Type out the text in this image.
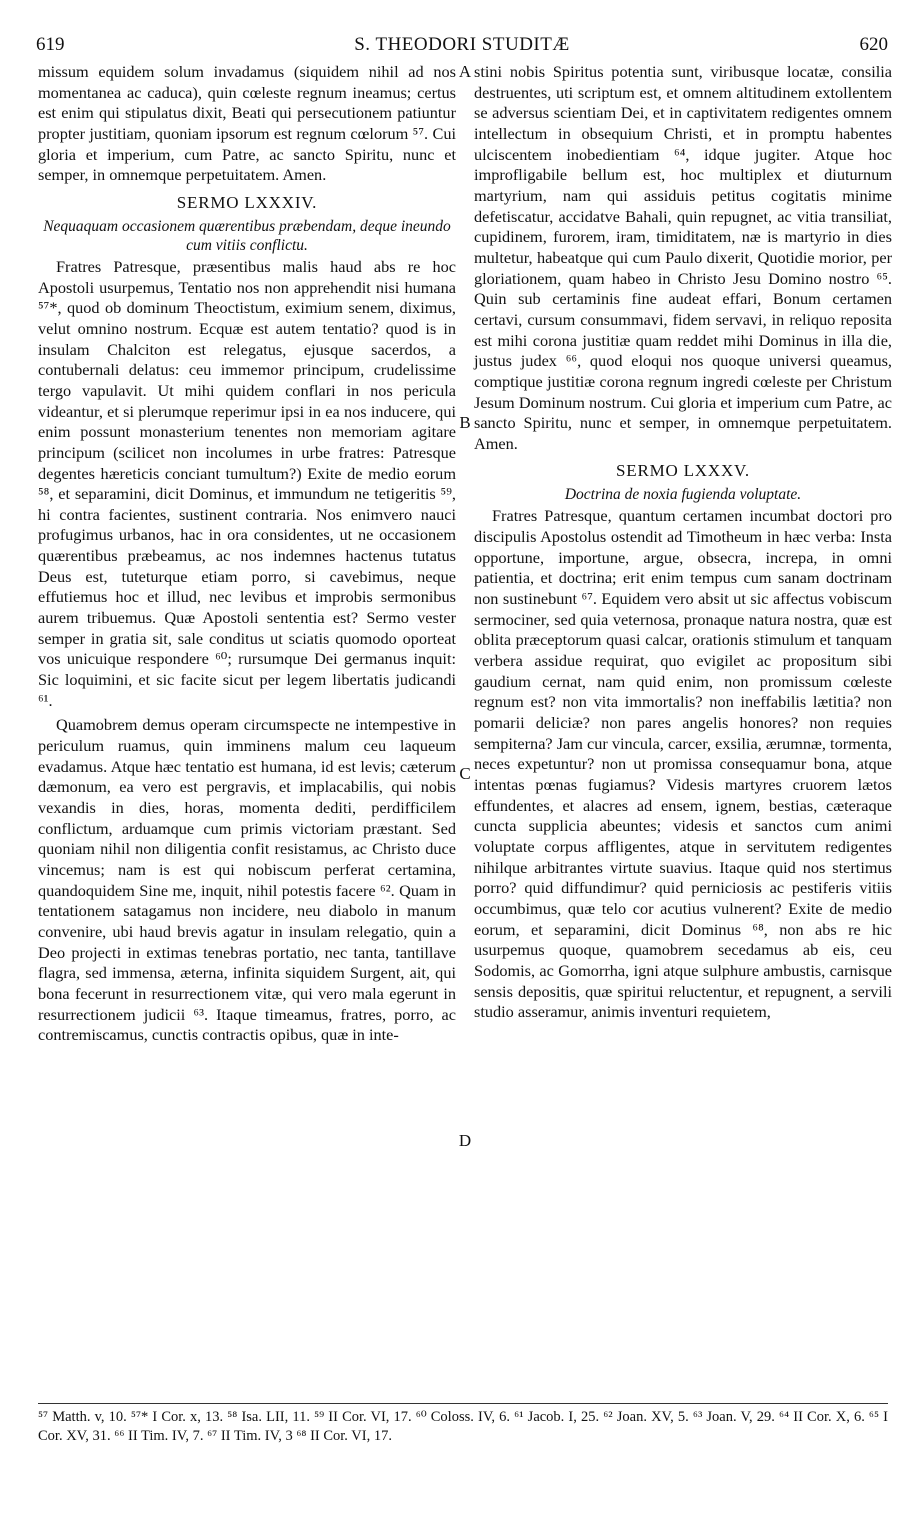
619	S. THEODORI STUDITÆ	620

missum equidem solum invadamus (siquidem nihil ad nos momentanea ac caduca), quin cœleste regnum ineamus; certus est enim qui stipulatus dixit, Beati qui persecutionem patiuntur propter justitiam, quoniam ipsorum est regnum cœlorum ⁵⁷. Cui gloria et imperium, cum Patre, ac sancto Spiritu, nunc et semper, in omnemque perpetuitatem. Amen.

SERMO LXXXIV.
Nequaquam occasionem quærentibus præbendam, deque ineundo cum vitiis conflictu.

Fratres Patresque, præsentibus malis haud abs re hoc Apostoli usurpemus, Tentatio nos non apprehendit nisi humana ⁵⁷*, quod ob dominum Theoctistum, eximium senem, diximus, velut omnino nostrum. Ecquæ est autem tentatio? quod is in insulam Chalciton est relegatus, ejusque sacerdos, a contubernali delatus: ceu immemor principum, crudelissime tergo vapulavit. Ut mihi quidem conflari in nos pericula videantur, et si plerumque reperimur ipsi in ea nos inducere, qui enim possunt monasterium tenentes non memoriam agitare principum (scilicet non incolumes in urbe fratres: Patresque degentes hæreticis conciant tumultum?) Exite de medio eorum ⁵⁸, et separamini, dicit Dominus, et immundum ne tetigeritis ⁵⁹, hi contra facientes, sustinent contraria. Nos enimvero nauci profugimus urbanos, hac in ora considentes, ut ne occasionem quærentibus præbeamus, ac nos indemnes hactenus tutatus Deus est, tuteturque etiam porro, si cavebimus, neque effutiemus hoc et illud, nec levibus et improbis sermonibus aurem tribuemus. Quæ Apostoli sententia est? Sermo vester semper in gratia sit, sale conditus ut sciatis quomodo oporteat vos unicuique respondere ⁶⁰; rursumque Dei germanus inquit: Sic loquimini, et sic facite sicut per legem libertatis judicandi ⁶¹.

Quamobrem demus operam circumspecte ne intempestive in periculum ruamus, quin imminens malum ceu laqueum evadamus. Atque hæc tentatio est humana, id est levis; cæterum dæmonum, ea vero est pergravis, et implacabilis, qui nobis vexandis in dies, horas, momenta dediti, perdifficilem conflictum, arduamque cum primis victoriam præstant. Sed quoniam nihil non diligentia confit resistamus, ac Christo duce vincemus; nam is est qui nobiscum perferat certamina, quandoquidem Sine me, inquit, nihil potestis facere ⁶². Quam in tentationem satagamus non incidere, neu diabolo in manum convenire, ubi haud brevis agatur in insulam relegatio, quin a Deo projecti in extimas tenebras portatio, nec tanta, tantillave flagra, sed immensa, æterna, infinita siquidem Surgent, ait, qui bona fecerunt in resurrectionem vitæ, qui vero mala egerunt in resurrectionem judicii ⁶³. Itaque timeamus, fratres, porro, ac contremiscamus, cunctis contractis opibus, quæ in inte-

A
B
C
D

stini nobis Spiritus potentia sunt, viribusque locatæ, consilia destruentes, uti scriptum est, et omnem altitudinem extollentem se adversus scientiam Dei, et in captivitatem redigentes omnem intellectum in obsequium Christi, et in promptu habentes ulciscentem inobedientiam ⁶⁴, idque jugiter. Atque hoc improfligabile bellum est, hoc multiplex et diuturnum martyrium, nam qui assiduis petitus cogitatis minime defetiscatur, accidatve Bahali, quin repugnet, ac vitia transiliat, cupidinem, furorem, iram, timiditatem, næ is martyrio in dies multetur, habeatque qui cum Paulo dixerit, Quotidie morior, per gloriationem, quam habeo in Christo Jesu Domino nostro ⁶⁵. Quin sub certaminis fine audeat effari, Bonum certamen certavi, cursum consummavi, fidem servavi, in reliquo reposita est mihi corona justitiæ quam reddet mihi Dominus in illa die, justus judex ⁶⁶, quod eloqui nos quoque universi queamus, comptique justitiæ corona regnum ingredi cœleste per Christum Jesum Dominum nostrum. Cui gloria et imperium cum Patre, ac sancto Spiritu, nunc et semper, in omnemque perpetuitatem. Amen.

SERMO LXXXV.
Doctrina de noxia fugienda voluptate.

Fratres Patresque, quantum certamen incumbat doctori pro discipulis Apostolus ostendit ad Timotheum in hæc verba: Insta opportune, importune, argue, obsecra, increpa, in omni patientia, et doctrina; erit enim tempus cum sanam doctrinam non sustinebunt ⁶⁷. Equidem vero absit ut sic affectus vobiscum sermociner, sed quia veternosa, pronaque natura nostra, quæ est oblita præceptorum quasi calcar, orationis stimulum et tanquam verbera assidue requirat, quo evigilet ac propositum sibi gaudium cernat, nam quid enim, non promissum cœleste regnum est? non vita immortalis? non ineffabilis lætitia? non pomarii deliciæ? non pares angelis honores? non requies sempiterna? Jam cur vincula, carcer, exsilia, ærumnæ, tormenta, neces expetuntur? non ut promissa consequamur bona, atque intentas pœnas fugiamus? Videsis martyres cruorem lætos effundentes, et alacres ad ensem, ignem, bestias, cæteraque cuncta supplicia abeuntes; videsis et sanctos cum animi voluptate corpus affligentes, atque in servitutem redigentes nihilque arbitrantes virtute suavius. Itaque quid nos stertimus porro? quid diffundimur? quid perniciosis ac pestiferis vitiis occumbimus, quæ telo cor acutius vulnerent? Exite de medio eorum, et separamini, dicit Dominus ⁶⁸, non abs re hic usurpemus quoque, quamobrem secedamus ab eis, ceu Sodomis, ac Gomorrha, igni atque sulphure ambustis, carnisque sensis depositis, quæ spiritui reluctentur, et repugnent, a servili studio asseramur, animis inventuri requietem,

⁵⁷ Matth. v, 10. ⁵⁷* I Cor. x, 13. ⁵⁸ Isa. LII, 11. ⁵⁹ II Cor. VI, 17. ⁶⁰ Coloss. IV, 6. ⁶¹ Jacob. I, 25. ⁶² Joan. XV, 5. ⁶³ Joan. V, 29. ⁶⁴ II Cor. X, 6. ⁶⁵ I Cor. XV, 31. ⁶⁶ II Tim. IV, 7. ⁶⁷ II Tim. IV, 3 ⁶⁸ II Cor. VI, 17.
